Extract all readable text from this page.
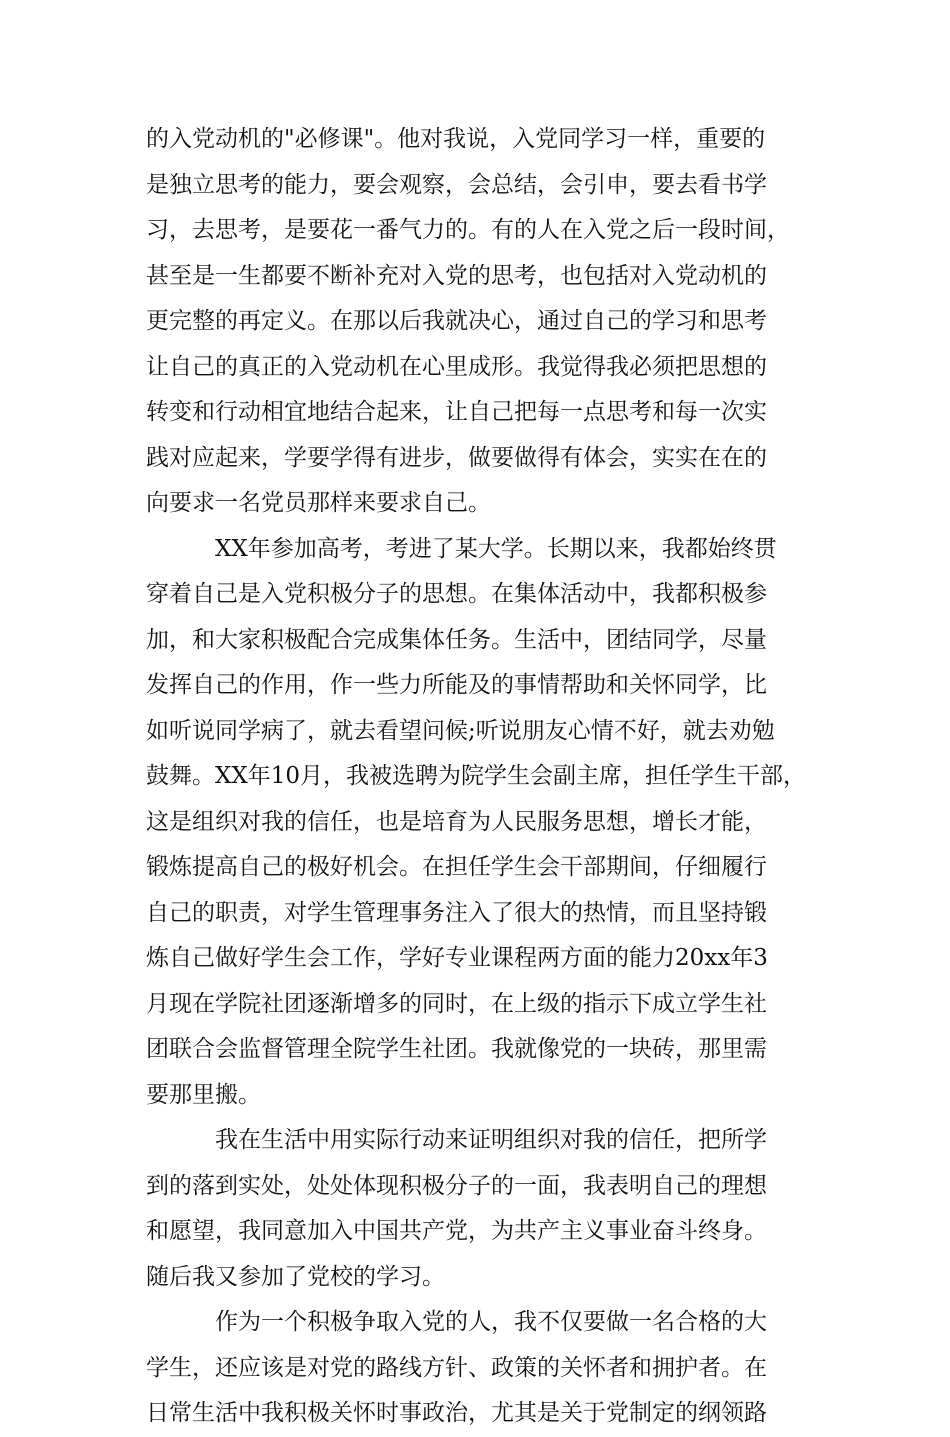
的入党动机的"必修课"。他对我说，入党同学习一样，重要的
是独立思考的能力，要会观察，会总结，会引申，要去看书学
习，去思考，是要花一番气力的。有的人在入党之后一段时间，
甚至是一生都要不断补充对入党的思考，也包括对入党动机的
更完整的再定义。在那以后我就决心，通过自己的学习和思考
让自己的真正的入党动机在心里成形。我觉得我必须把思想的
转变和行动相宜地结合起来，让自己把每一点思考和每一次实
践对应起来，学要学得有进步，做要做得有体会，实实在在的
向要求一名党员那样来要求自己。
XX年参加高考，考进了某大学。长期以来，我都始终贯
穿着自己是入党积极分子的思想。在集体活动中，我都积极参
加，和大家积极配合完成集体任务。生活中，团结同学，尽量
发挥自己的作用，作一些力所能及的事情帮助和关怀同学，比
如听说同学病了，就去看望问候;听说朋友心情不好，就去劝勉
鼓舞。XX年10月，我被选聘为院学生会副主席，担任学生干部，
这是组织对我的信任，也是培育为人民服务思想，增长才能，
锻炼提高自己的极好机会。在担任学生会干部期间，仔细履行
自己的职责，对学生管理事务注入了很大的热情，而且坚持锻
炼自己做好学生会工作，学好专业课程两方面的能力20xx年3
月现在学院社团逐渐增多的同时，在上级的指示下成立学生社
团联合会监督管理全院学生社团。我就像党的一块砖，那里需
要那里搬。
我在生活中用实际行动来证明组织对我的信任，把所学
到的落到实处，处处体现积极分子的一面，我表明自己的理想
和愿望，我同意加入中国共产党，为共产主义事业奋斗终身。
随后我又参加了党校的学习。
作为一个积极争取入党的人，我不仅要做一名合格的大
学生，还应该是对党的路线方针、政策的关怀者和拥护者。在
日常生活中我积极关怀时事政治，尤其是关于党制定的纲领路
